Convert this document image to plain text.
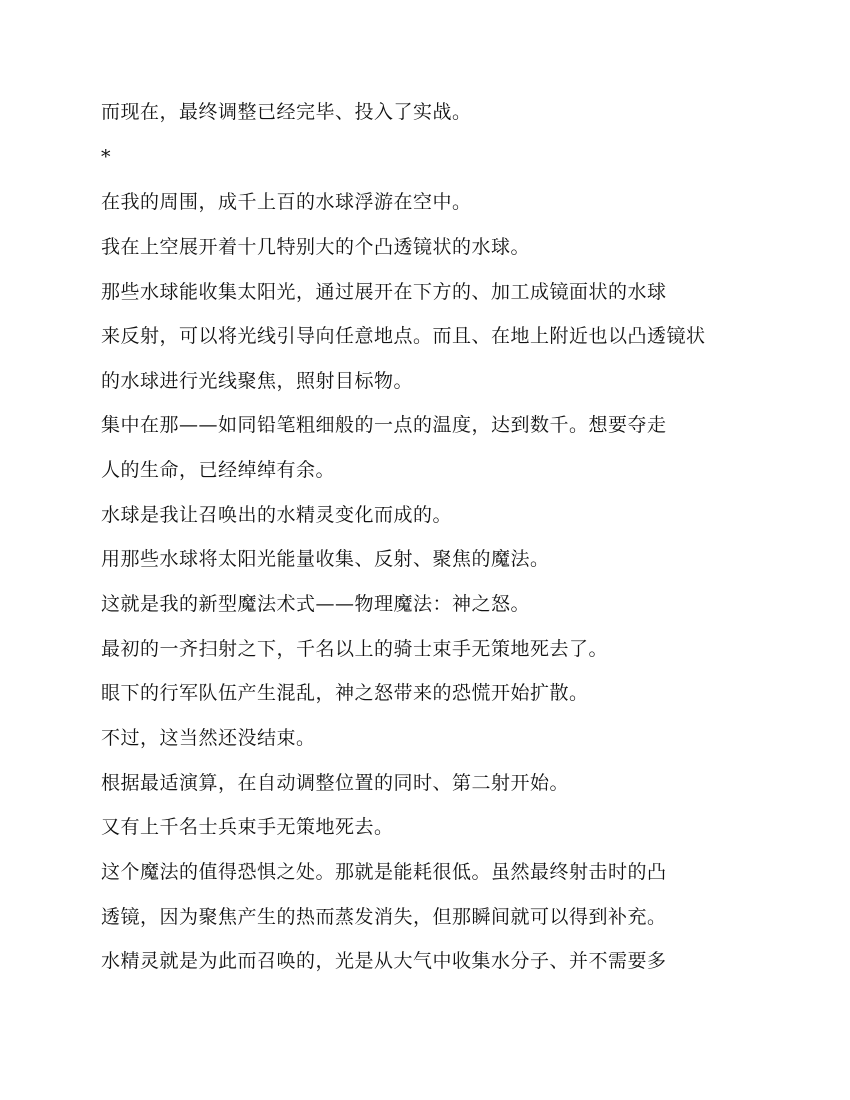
而现在，最终调整已经完毕、投入了实战。
*
在我的周围，成千上百的水球浮游在空中。
我在上空展开着十几特别大的个凸透镜状的水球。
那些水球能收集太阳光，通过展开在下方的、加工成镜面状的水球
来反射，可以将光线引导向任意地点。而且、在地上附近也以凸透镜状
的水球进行光线聚焦，照射目标物。
集中在那——如同铅笔粗细般的一点的温度，达到数千。想要夺走
人的生命，已经绰绰有余。
水球是我让召唤出的水精灵变化而成的。
用那些水球将太阳光能量收集、反射、聚焦的魔法。
这就是我的新型魔法术式——物理魔法：神之怒。
最初的一齐扫射之下，千名以上的骑士束手无策地死去了。
眼下的行军队伍产生混乱，神之怒带来的恐慌开始扩散。
不过，这当然还没结束。
根据最适演算，在自动调整位置的同时、第二射开始。
又有上千名士兵束手无策地死去。
这个魔法的值得恐惧之处。那就是能耗很低。虽然最终射击时的凸
透镜，因为聚焦产生的热而蒸发消失，但那瞬间就可以得到补充。
水精灵就是为此而召唤的，光是从大气中收集水分子、并不需要多
